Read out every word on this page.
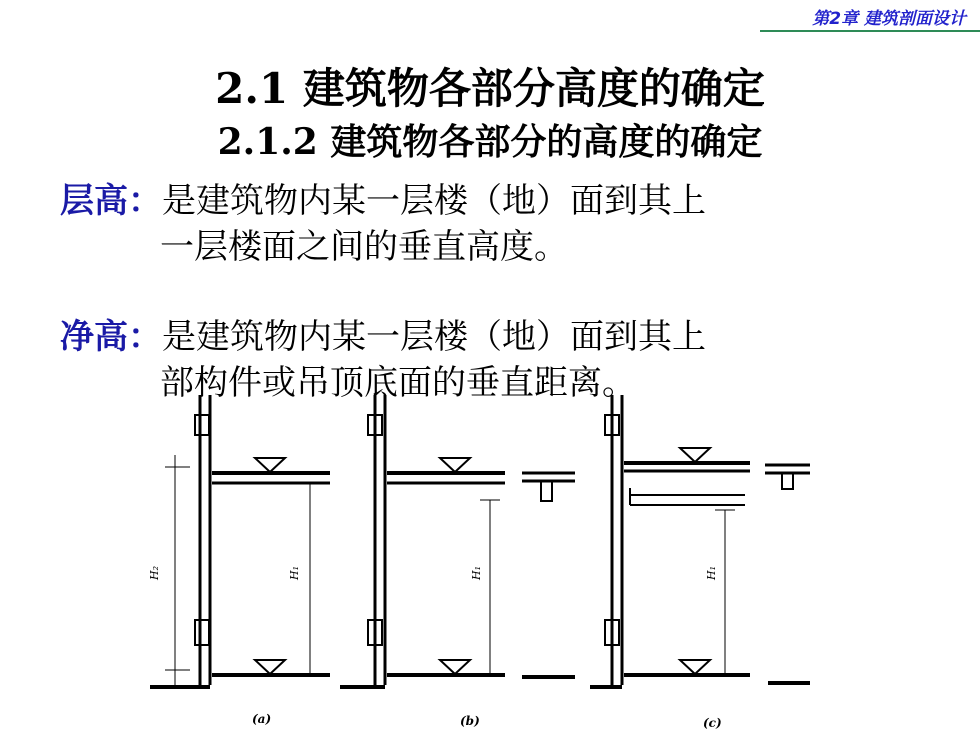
第2章 建筑剖面设计
2.1 建筑物各部分高度的确定
2.1.2 建筑物各部分的高度的确定
层高：是建筑物内某一层楼（地）面到其上
一层楼面之间的垂直高度。
净高：是建筑物内某一层楼（地）面到其上
部构件或吊顶底面的垂直距离。
H₂	H₁	H₁	H₁
(a)	(b)	(c)
